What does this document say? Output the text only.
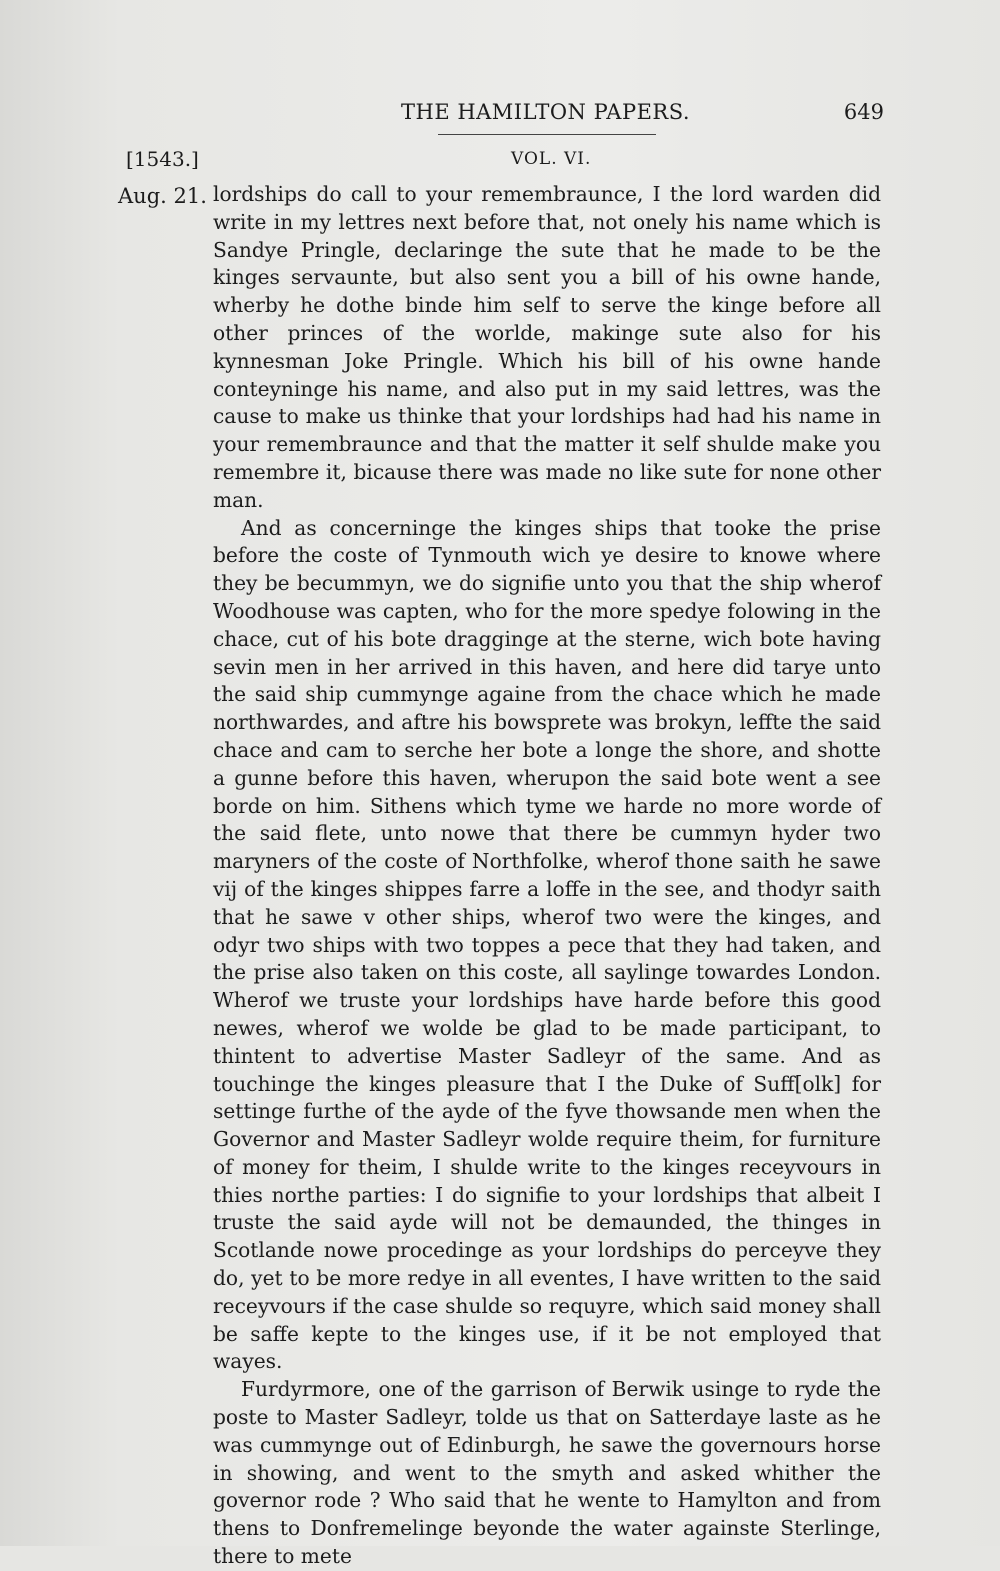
THE HAMILTON PAPERS.	649
[1543.]	VOL. VI.
Aug. 21. lordships do call to your remembraunce, I the lord warden did write in my lettres next before that, not onely his name which is Sandye Pringle, declaringe the sute that he made to be the kinges servaunte, but also sent you a bill of his owne hande, wherby he dothe binde him self to serve the kinge before all other princes of the worlde, makinge sute also for his kynnesman Joke Pringle. Which his bill of his owne hande conteyninge his name, and also put in my said lettres, was the cause to make us thinke that your lordships had had his name in your remembraunce and that the matter it self shulde make you remembre it, bicause there was made no like sute for none other man.

And as concerninge the kinges ships that tooke the prise before the coste of Tynmouth wich ye desire to knowe where they be becummyn, we do signifie unto you that the ship wherof Woodhouse was capten, who for the more spedye folowing in the chace, cut of his bote dragginge at the sterne, wich bote having sevin men in her arrived in this haven, and here did tarye unto the said ship cummynge againe from the chace which he made northwardes, and aftre his bowsprete was brokyn, leffte the said chace and cam to serche her bote a longe the shore, and shotte a gunne before this haven, wherupon the said bote went a see borde on him. Sithens which tyme we harde no more worde of the said flete, unto nowe that there be cummyn hyder two maryners of the coste of Northfolke, wherof thone saith he sawe vij of the kinges shippes farre a loffe in the see, and thodyr saith that he sawe v other ships, wherof two were the kinges, and odyr two ships with two toppes a pece that they had taken, and the prise also taken on this coste, all saylinge towardes London. Wherof we truste your lordships have harde before this good newes, wherof we wolde be glad to be made participant, to thintent to advertise Master Sadleyr of the same. And as touchinge the kinges pleasure that I the Duke of Suff[olk] for settinge furthe of the ayde of the fyve thowsande men when the Governor and Master Sadleyr wolde require theim, for furniture of money for theim, I shulde write to the kinges receyvours in thies northe parties: I do signifie to your lordships that albeit I truste the said ayde will not be demaunded, the thinges in Scotlande nowe procedinge as your lordships do perceyve they do, yet to be more redye in all eventes, I have written to the said receyvours if the case shulde so requyre, which said money shall be saffe kepte to the kinges use, if it be not employed that wayes.

Furdyrmore, one of the garrison of Berwik usinge to ryde the poste to Master Sadleyr, tolde us that on Satterdaye laste as he was cummynge out of Edinburgh, he sawe the governours horse in showing, and went to the smyth and asked whither the governor rode ? Who said that he wente to Hamylton and from thens to Donfremelinge beyonde the water againste Sterlinge, there to mete
